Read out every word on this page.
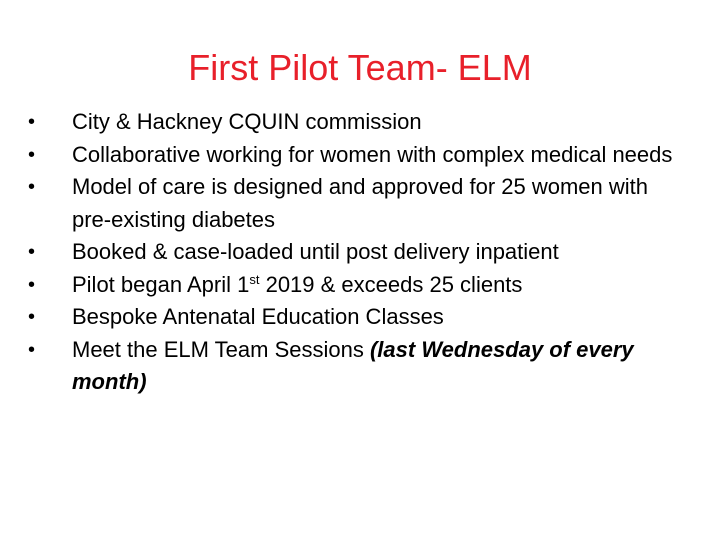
First Pilot Team- ELM
• City & Hackney CQUIN commission
• Collaborative working for women with complex medical needs
• Model of care is designed and approved for 25 women with pre-existing diabetes
• Booked & case-loaded until post delivery inpatient
• Pilot began April 1st 2019 & exceeds 25 clients
• Bespoke Antenatal Education Classes
• Meet the ELM Team Sessions (last Wednesday of every month)
